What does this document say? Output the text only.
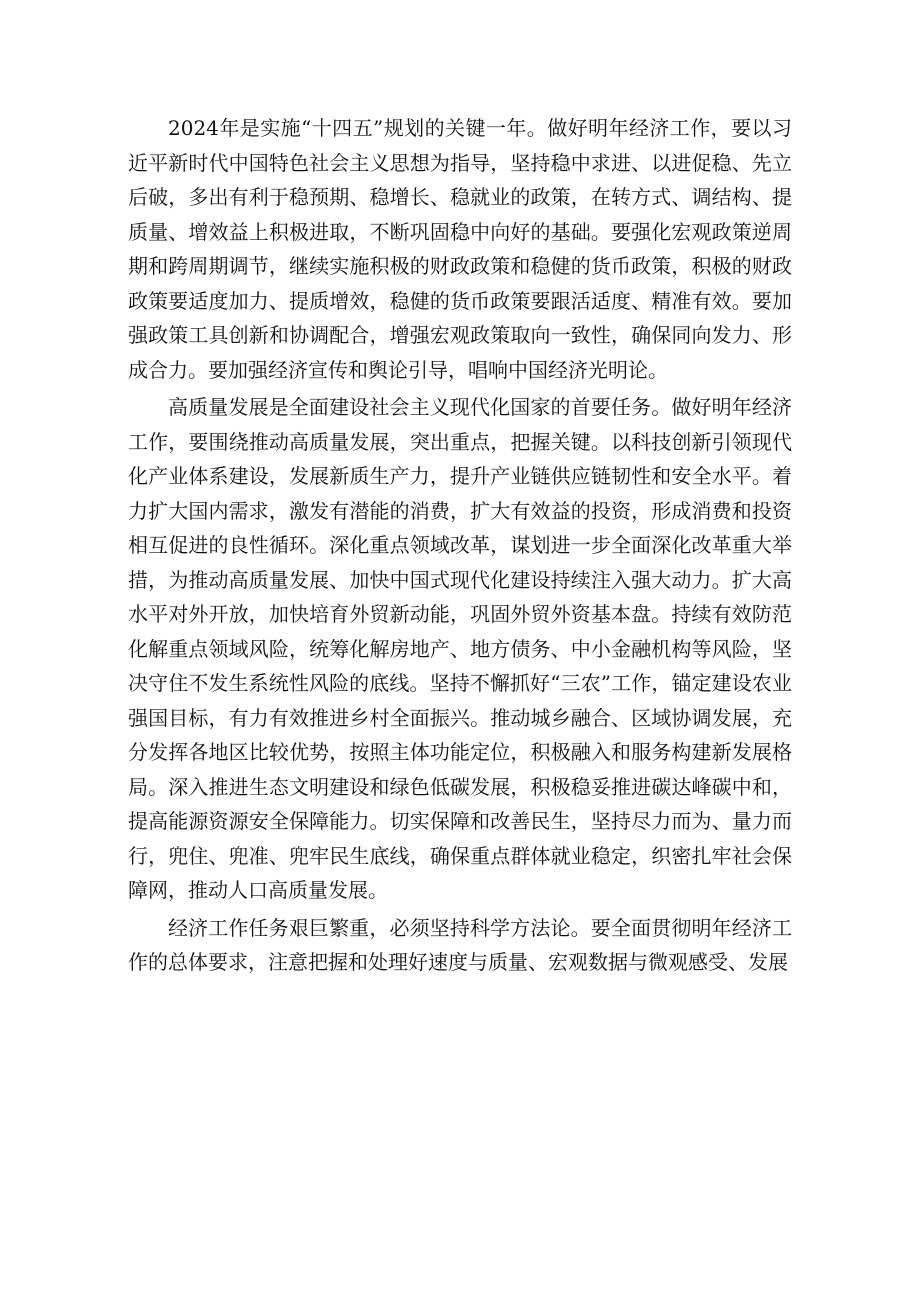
2024年是实施“十四五”规划的关键一年。做好明年经济工作，要以习近平新时代中国特色社会主义思想为指导，坚持稳中求进、以进促稳、先立后破，多出有利于稳预期、稳增长、稳就业的政策，在转方式、调结构、提质量、增效益上积极进取，不断巩固稳中向好的基础。要强化宏观政策逆周期和跨周期调节，继续实施积极的财政政策和稳健的货币政策，积极的财政政策要适度加力、提质增效，稳健的货币政策要跟活适度、精准有效。要加强政策工具创新和协调配合，增强宏观政策取向一致性，确保同向发力、形成合力。要加强经济宣传和舆论引导，唱响中国经济光明论。

高质量发展是全面建设社会主义现代化国家的首要任务。做好明年经济工作，要围绕推动高质量发展，突出重点，把握关键。以科技创新引领现代化产业体系建设，发展新质生产力，提升产业链供应链韧性和安全水平。着力扩大国内需求，激发有潜能的消费，扩大有效益的投资，形成消费和投资相互促进的良性循环。深化重点领域改革，谋划进一步全面深化改革重大举措，为推动高质量发展、加快中国式现代化建设持续注入强大动力。扩大高水平对外开放，加快培育外贸新动能，巩固外贸外资基本盘。持续有效防范化解重点领域风险，统筹化解房地产、地方债务、中小金融机构等风险，坚决守住不发生系统性风险的底线。坚持不懈抓好“三农”工作，锚定建设农业强国目标，有力有效推进乡村全面振兴。推动城乡融合、区域协调发展，充分发挥各地区比较优势，按照主体功能定位，积极融入和服务构建新发展格局。深入推进生态文明建设和绿色低碳发展，积极稳妥推进碳达峰碳中和，提高能源资源安全保障能力。切实保障和改善民生，坚持尽力而为、量力而行，兜住、兜准、兜牢民生底线，确保重点群体就业稳定，织密扎牢社会保障网，推动人口高质量发展。

经济工作任务艰巨繁重，必须坚持科学方法论。要全面贯彻明年经济工作的总体要求，注意把握和处理好速度与质量、宏观数据与微观感受、发展
